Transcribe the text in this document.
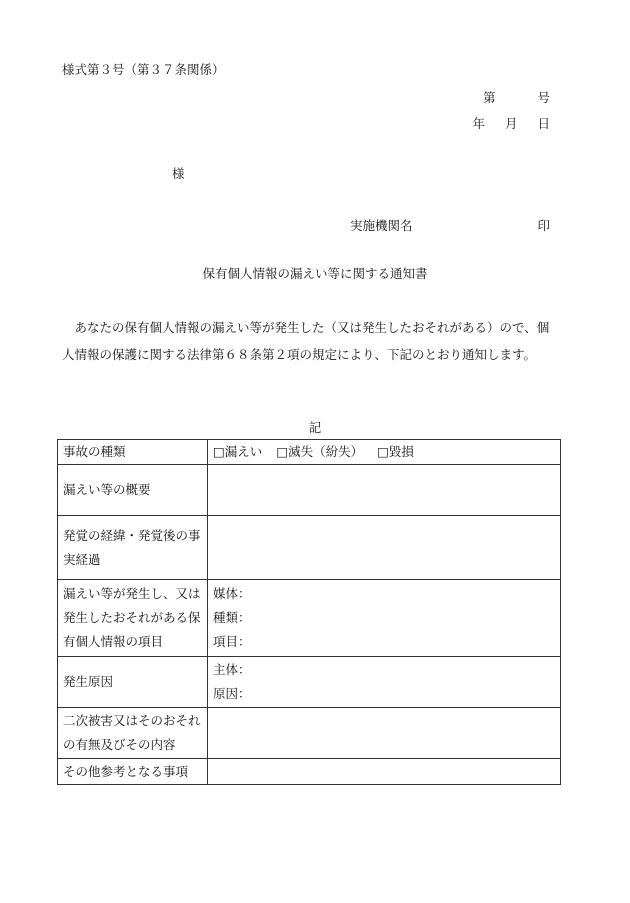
様式第３号（第３７条関係）
第	号
年 月 日
様
実施機関名	印
保有個人情報の漏えい等に関する通知書
あなたの保有個人情報の漏えい等が発生した（又は発生したおそれがある）ので、個人情報の保護に関する法律第６８条第２項の規定により、下記のとおり通知します。
記
事故の種類	□漏えい □滅失（紛失） □毀損
漏えい等の概要	
発覚の経緯・発覚後の事実経過	
漏えい等が発生し、又は発生したおそれがある保有個人情報の項目	媒体：
種類：
項目：

発生原因	主体：
原因：

二次被害又はそのおそれの有無及びその内容	
その他参考となる事項	
